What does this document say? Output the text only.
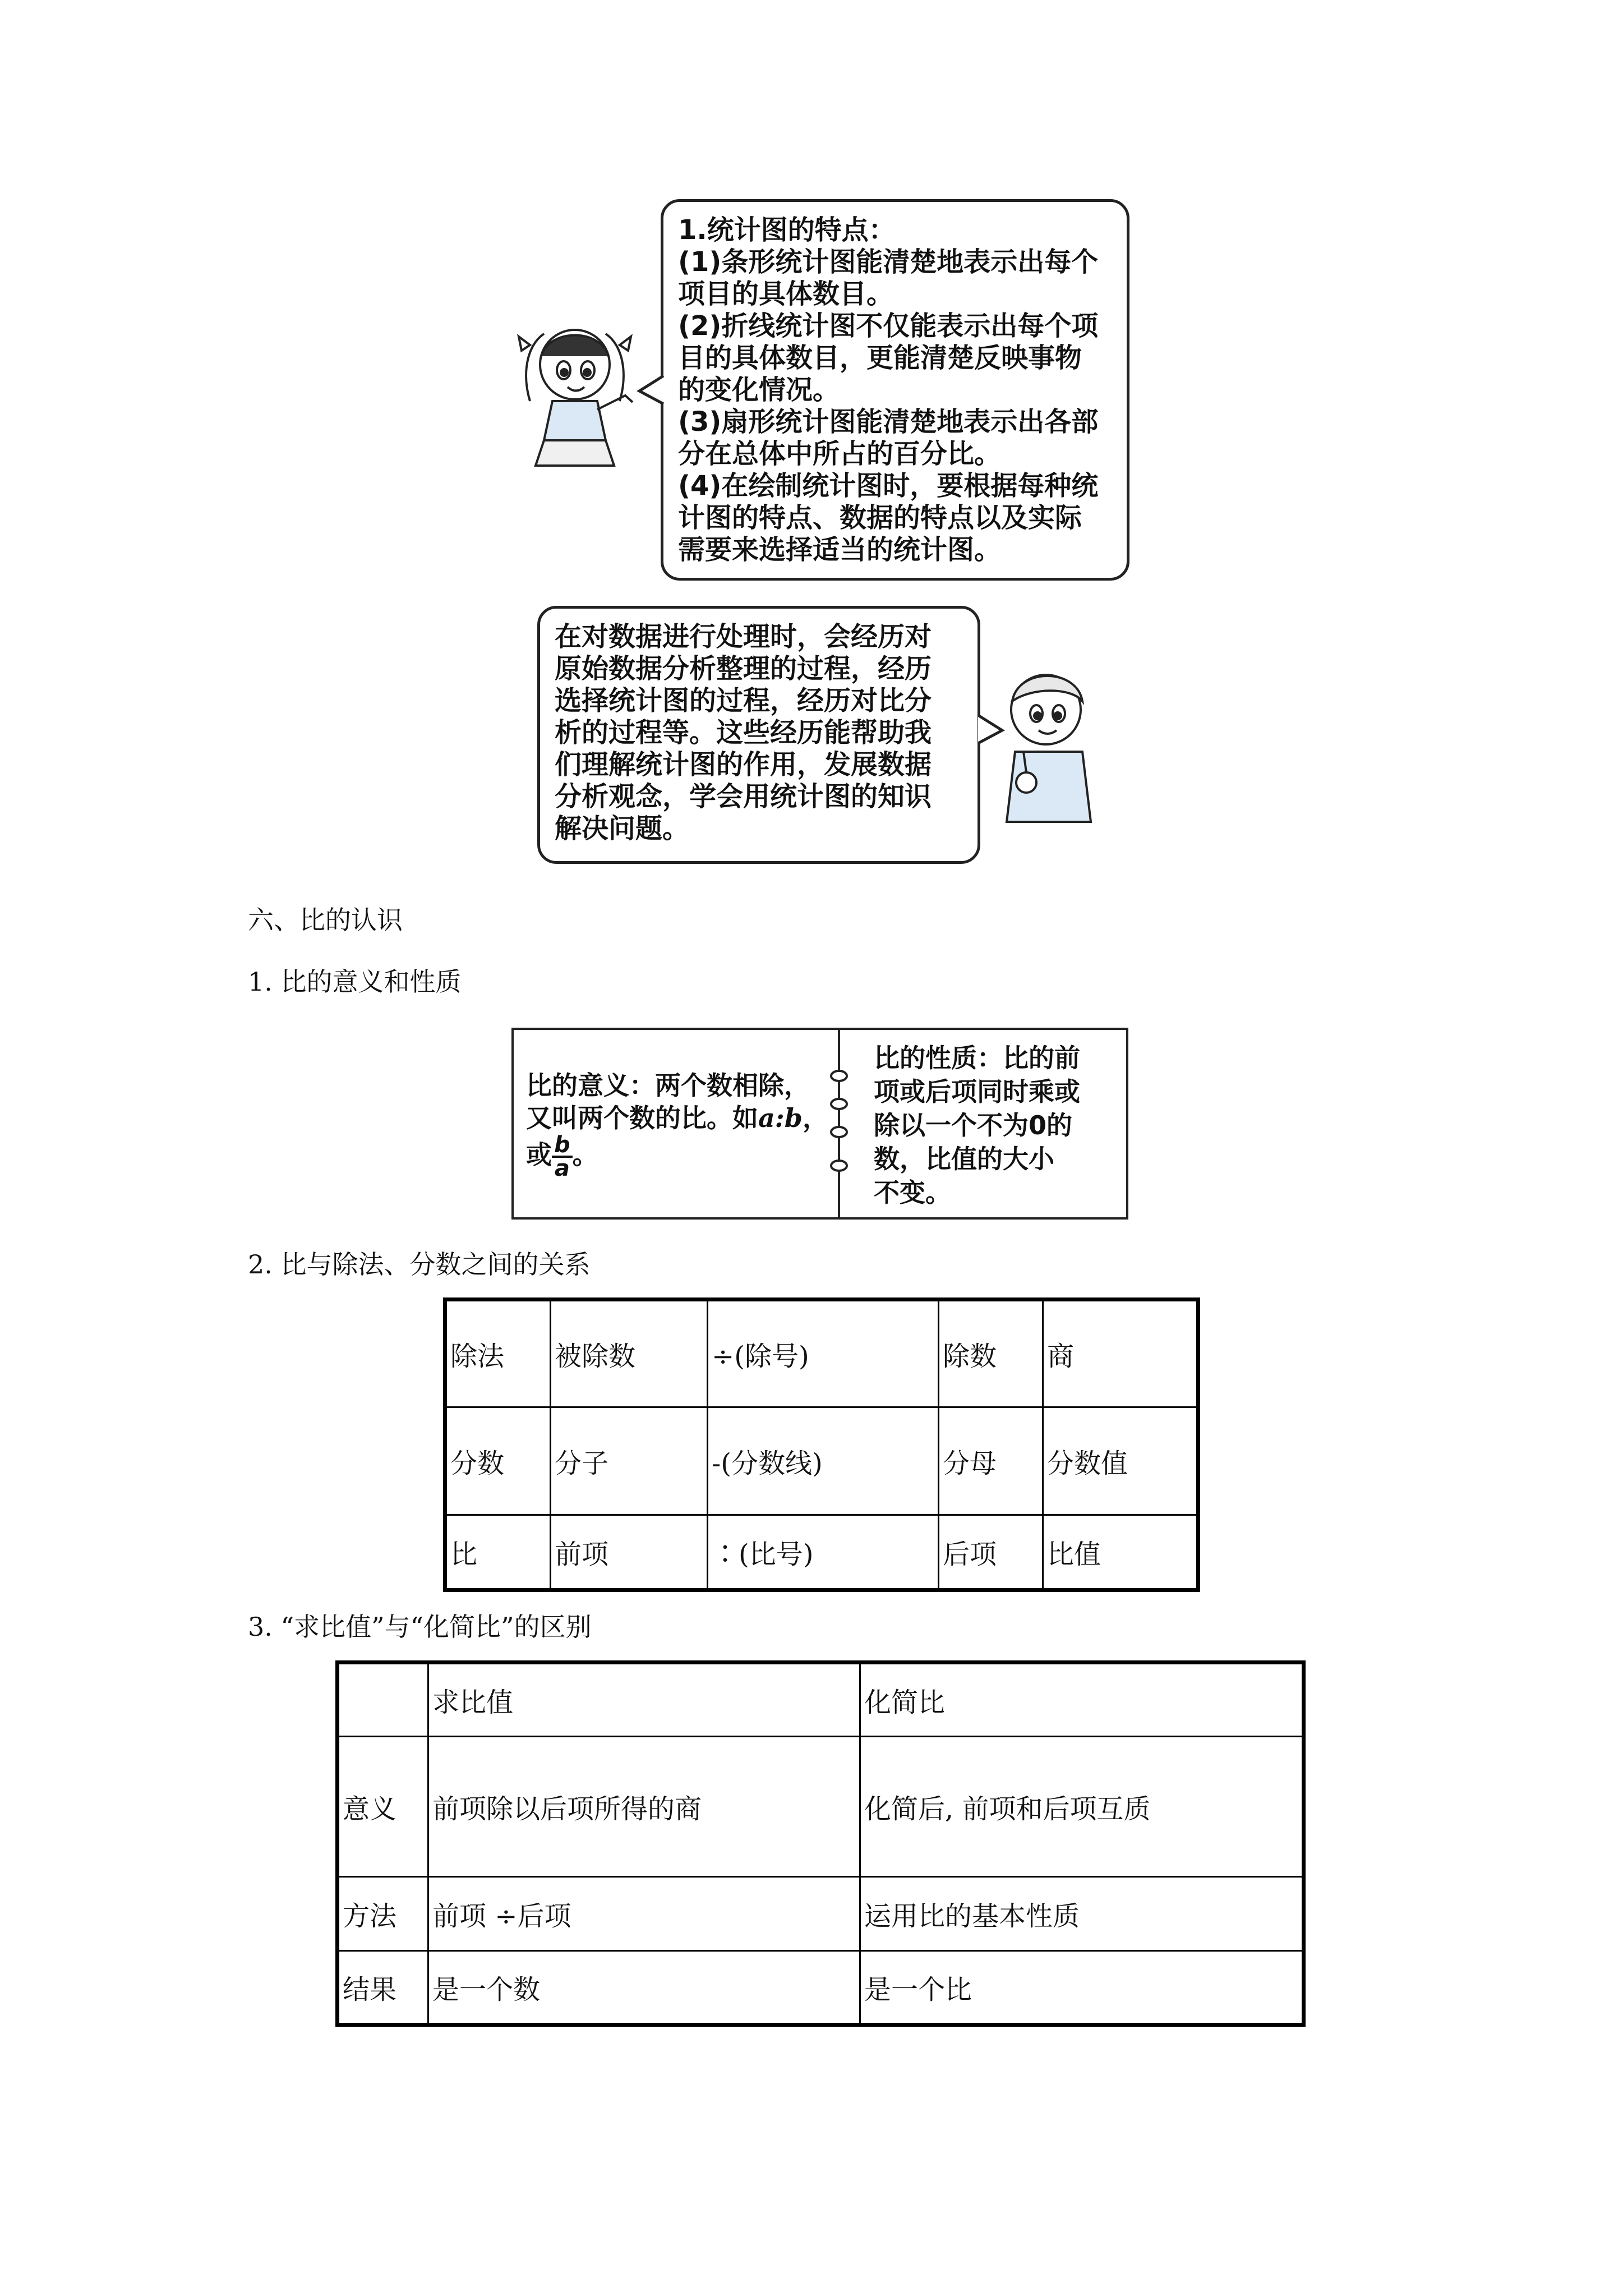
1.统计图的特点：

(1)条形统计图能清楚地表示出每个

项目的具体数目。

(2)折线统计图不仅能表示出每个项

目的具体数目，更能清楚反映事物

的变化情况。

(3)扇形统计图能清楚地表示出各部

分在总体中所占的百分比。

(4)在绘制统计图时，要根据每种统

计图的特点、数据的特点以及实际

需要来选择适当的统计图。

在对数据进行处理时，会经历对

原始数据分析整理的过程，经历

选择统计图的过程，经历对比分

析的过程等。这些经历能帮助我

们理解统计图的作用，发展数据

分析观念，学会用统计图的知识

解决问题。

六、比的认识
1. 比的意义和性质
比的意义：两个数相除，
又叫两个数的比。如a:b，
或 $\frac{b}{a}$ 。
比的性质：比的前
项或后项同时乘或
除以一个不为0的
数，比值的大小
不变。
2. 比与除法、分数之间的关系
除法	被除数	÷(除号)	除数	商
分数	分子	-(分数线)	分母	分数值
比	前项	∶(比号)	后项	比值
3. “求比值”与“化简比”的区别
	求比值	化简比
意义	前项除以后项所得的商	化简后, 前项和后项互质
方法	前项 ÷后项	运用比的基本性质
结果	是一个数	是一个比
